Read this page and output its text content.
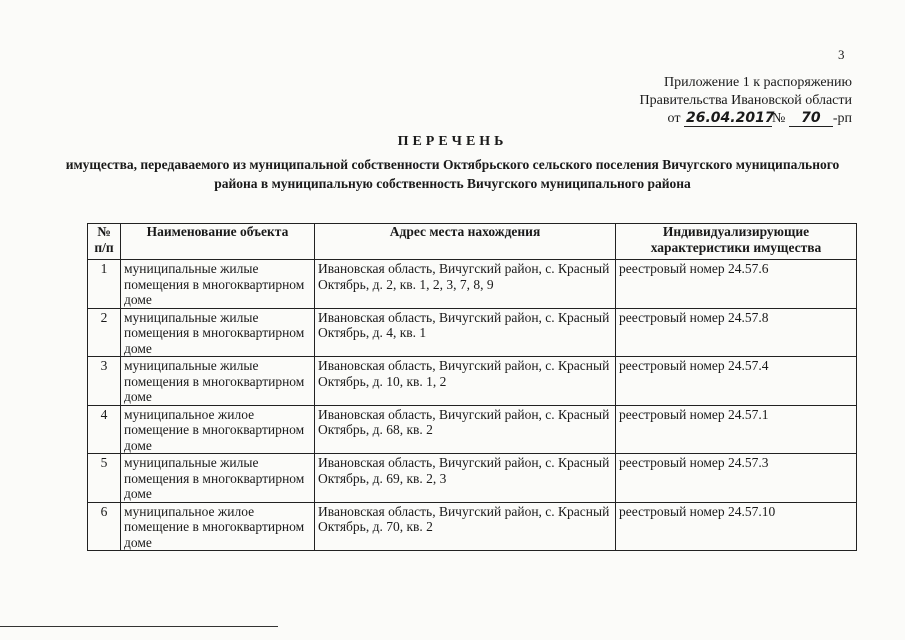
3
Приложение 1 к распоряжению
Правительства Ивановской области
от 26.04.2017№ 70 -рп
ПЕРЕЧЕНЬ
имущества, передаваемого из муниципальной собственности Октябрьского сельского поселения Вичугского муниципального района в муниципальную собственность Вичугского муниципального района
№ п/п	Наименование объекта	Адрес места нахождения	Индивидуализирующие характеристики имущества
1	муниципальные жилые помещения в многоквартирном доме	Ивановская область, Вичугский район, с. Красный Октябрь, д. 2, кв. 1, 2, 3, 7, 8, 9	реестровый номер 24.57.6
2	муниципальные жилые помещения в многоквартирном доме	Ивановская область, Вичугский район, с. Красный Октябрь, д. 4, кв. 1	реестровый номер 24.57.8
3	муниципальные жилые помещения в многоквартирном доме	Ивановская область, Вичугский район, с. Красный Октябрь, д. 10, кв. 1, 2	реестровый номер 24.57.4
4	муниципальное жилое помещение в многоквартирном доме	Ивановская область, Вичугский район, с. Красный Октябрь, д. 68, кв. 2	реестровый номер 24.57.1
5	муниципальные жилые помещения в многоквартирном доме	Ивановская область, Вичугский район, с. Красный Октябрь, д. 69, кв. 2, 3	реестровый номер 24.57.3
6	муниципальное жилое помещение в многоквартирном доме	Ивановская область, Вичугский район, с. Красный Октябрь, д. 70, кв. 2	реестровый номер 24.57.10
